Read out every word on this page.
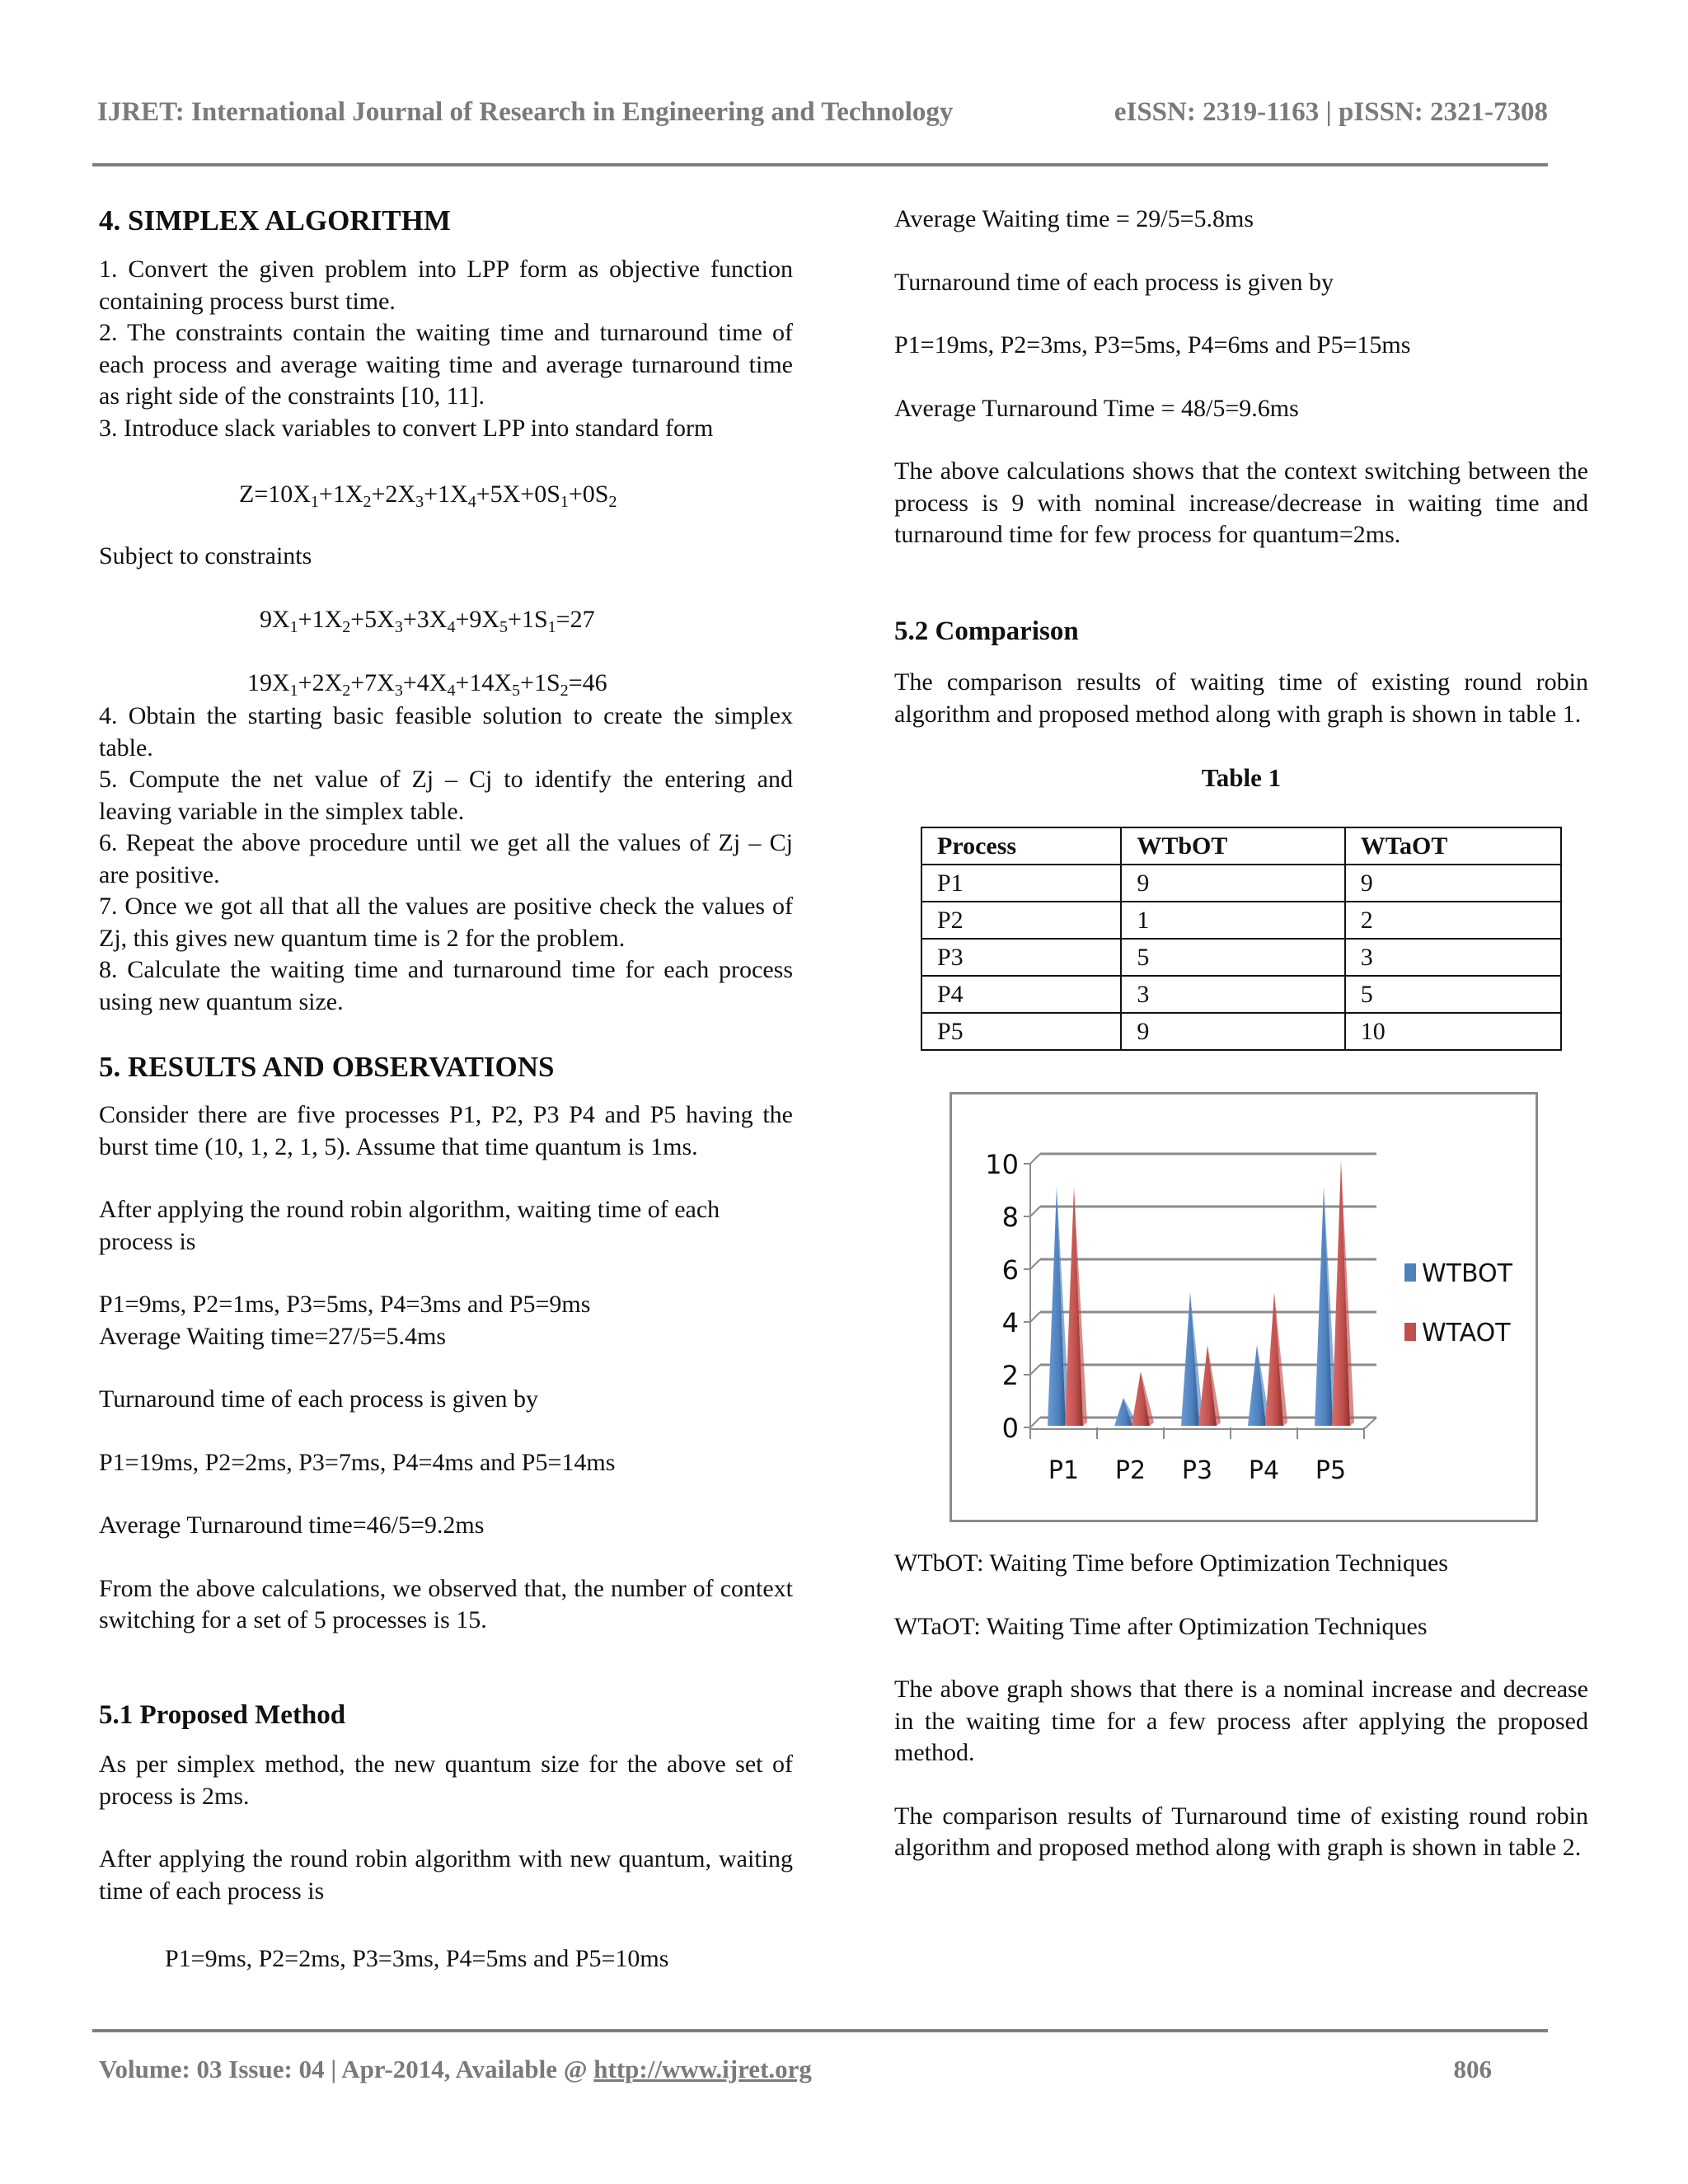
IJRET: International Journal of Research in Engineering and Technology	eISSN: 2319-1163 | pISSN: 2321-7308
4. SIMPLEX ALGORITHM

1. Convert the given problem into LPP form as objective function containing process burst time.

2. The constraints contain the waiting time and turnaround time of each process and average waiting time and average turnaround time as right side of the constraints [10, 11].

3. Introduce slack variables to convert LPP into standard form

$Z=10X_1+1X_2+2X_3+1X_4+5X+0S_1+0S_2$
Subject to constraints
$9X_1+1X_2+5X_3+3X_4+9X_5+1S_1=27$
$19X_1+2X_2+7X_3+4X_4+14X_5+1S_2=46$

4. Obtain the starting basic feasible solution to create the simplex table.

5. Compute the net value of Zj – Cj to identify the entering and leaving variable in the simplex table.

6. Repeat the above procedure until we get all the values of Zj – Cj are positive.

7. Once we got all that all the values are positive check the values of Zj, this gives new quantum time is 2 for the problem.

8. Calculate the waiting time and turnaround time for each process using new quantum size.

5. RESULTS AND OBSERVATIONS

Consider there are five processes P1, P2, P3 P4 and P5 having the burst time (10, 1, 2, 1, 5). Assume that time quantum is 1ms.

After applying the round robin algorithm, waiting time of each process is

P1=9ms, P2=1ms, P3=5ms, P4=3ms and P5=9ms

Average Waiting time=27/5=5.4ms

Turnaround time of each process is given by

P1=19ms, P2=2ms, P3=7ms, P4=4ms and P5=14ms

Average Turnaround time=46/5=9.2ms

From the above calculations, we observed that, the number of context switching for a set of 5 processes is 15.

5.1 Proposed Method

As per simplex method, the new quantum size for the above set of process is 2ms.

After applying the round robin algorithm with new quantum, waiting time of each process is

P1=9ms, P2=2ms, P3=3ms, P4=5ms and P5=10ms

Average Waiting time = 29/5=5.8ms

Turnaround time of each process is given by

P1=19ms, P2=3ms, P3=5ms, P4=6ms and P5=15ms

Average Turnaround Time = 48/5=9.6ms

The above calculations shows that the context switching between the process is 9 with nominal increase/decrease in waiting time and turnaround time for few process for quantum=2ms.

5.2 Comparison

The comparison results of waiting time of existing round robin algorithm and proposed method along with graph is shown in table 1.

Table 1
Process	WTbOT	WTaOT
P1	9	9
P2	1	2
P3	5	3
P4	3	5
P5	9	10
0
2
4
6
8
10
P1 P2 P3 P4 P5
WTBOT
WTAOT

WTbOT: Waiting Time before Optimization Techniques

WTaOT: Waiting Time after Optimization Techniques

The above graph shows that there is a nominal increase and decrease in the waiting time for a few process after applying the proposed method.

The comparison results of Turnaround time of existing round robin algorithm and proposed method along with graph is shown in table 2.

Volume: 03 Issue: 04 | Apr-2014, Available @ http://www.ijret.org	806
